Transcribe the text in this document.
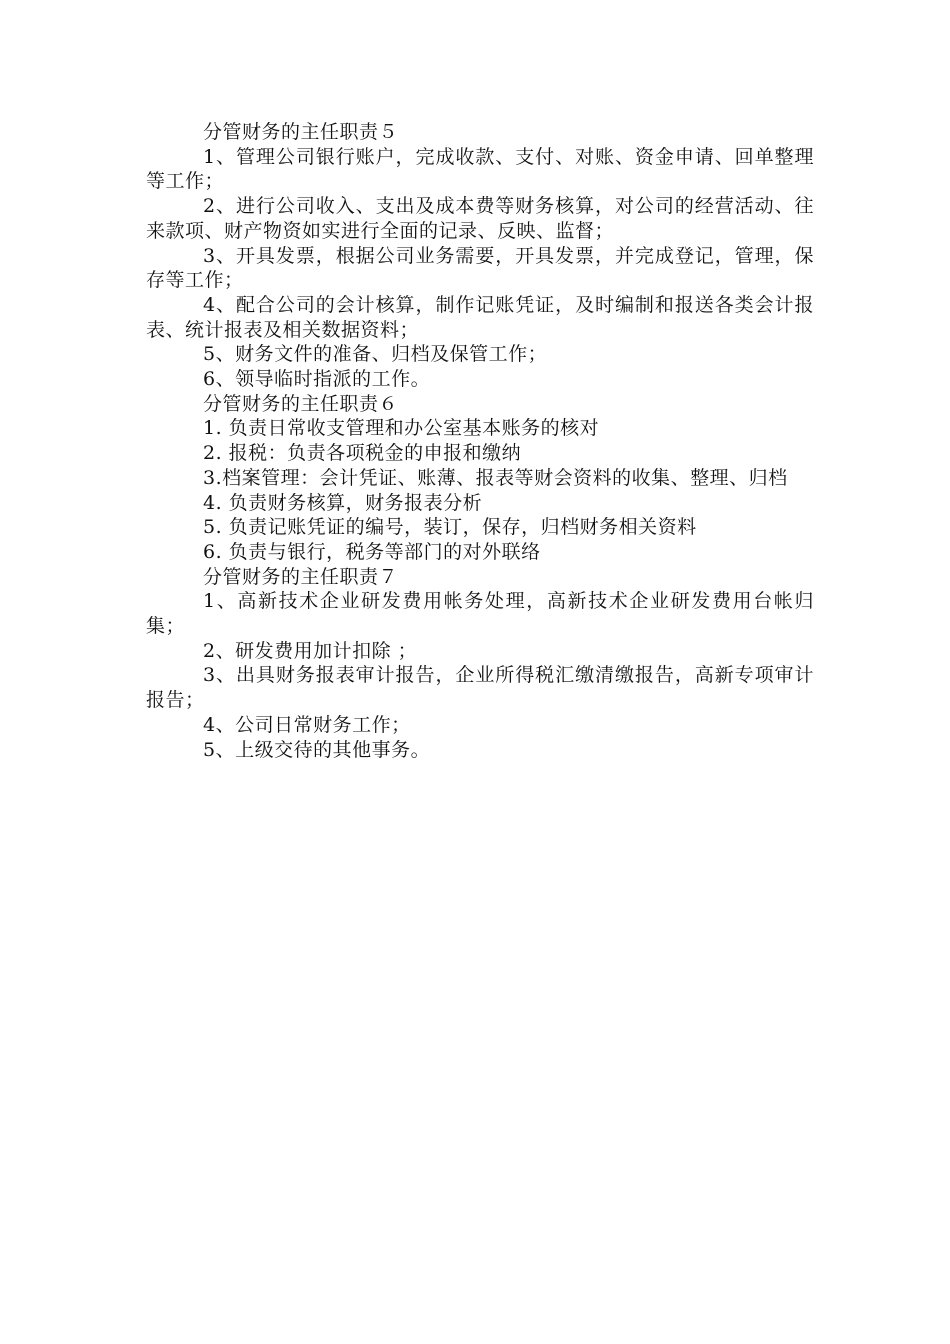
分管财务的主任职责５

1、管理公司银行账户，完成收款、支付、对账、资金申请、回单整理等工作；

2、进行公司收入、支出及成本费等财务核算，对公司的经营活动、往来款项、财产物资如实进行全面的记录、反映、监督；

3、开具发票，根据公司业务需要，开具发票，并完成登记，管理，保存等工作；

4、配合公司的会计核算，制作记账凭证，及时编制和报送各类会计报表、统计报表及相关数据资料；

5、财务文件的准备、归档及保管工作；

6、领导临时指派的工作。

分管财务的主任职责６

1. 负责日常收支管理和办公室基本账务的核对

2. 报税：负责各项税金的申报和缴纳

3.档案管理：会计凭证、账薄、报表等财会资料的收集、整理、归档

4. 负责财务核算，财务报表分析

5. 负责记账凭证的编号，装订，保存，归档财务相关资料

6. 负责与银行，税务等部门的对外联络

分管财务的主任职责７

1、高新技术企业研发费用帐务处理，高新技术企业研发费用台帐归集；

2、研发费用加计扣除 ；

3、出具财务报表审计报告，企业所得税汇缴清缴报告，高新专项审计报告；

4、公司日常财务工作；

5、上级交待的其他事务。
